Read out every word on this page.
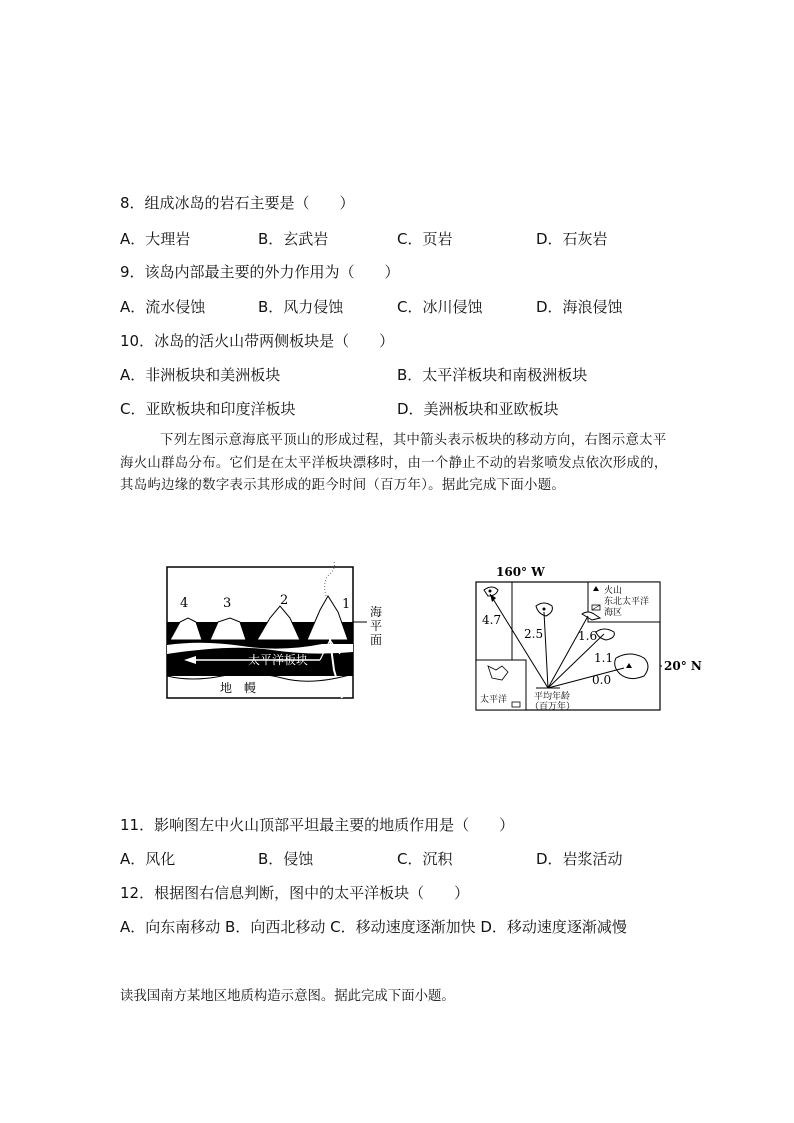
8．组成冰岛的岩石主要是（　　）
A．大理岩	B．玄武岩	C．页岩	D．石灰岩
9．该岛内部最主要的外力作用为（　　）
A．流水侵蚀	B．风力侵蚀	C．冰川侵蚀	D．海浪侵蚀
10．冰岛的活火山带两侧板块是（　　）
A．非洲板块和美洲板块	B．太平洋板块和南极洲板块
C．亚欧板块和印度洋板块	D．美洲板块和亚欧板块
下列左图示意海底平顶山的形成过程，其中箭头表示板块的移动方向，右图示意太平海火山群岛分布。它们是在太平洋板块漂移时，由一个静止不动的岩浆喷发点依次形成的，其岛屿边缘的数字表示其形成的距今时间（百万年）。据此完成下面小题。
4	3	2	1 海
平
面
太平洋板块
地　幔
160° W
20° N
火山
东北太平洋
海区
4.7
2.5	1.6
1.1
0.0
太平洋	平均年龄
（百万年）
11．影响图左中火山顶部平坦最主要的地质作用是（　　）
A．风化	B．侵蚀	C．沉积	D．岩浆活动
12．根据图右信息判断，图中的太平洋板块（　　）
A．向东南移动 B．向西北移动 C．移动速度逐渐加快 D．移动速度逐渐减慢
读我国南方某地区地质构造示意图。据此完成下面小题。
